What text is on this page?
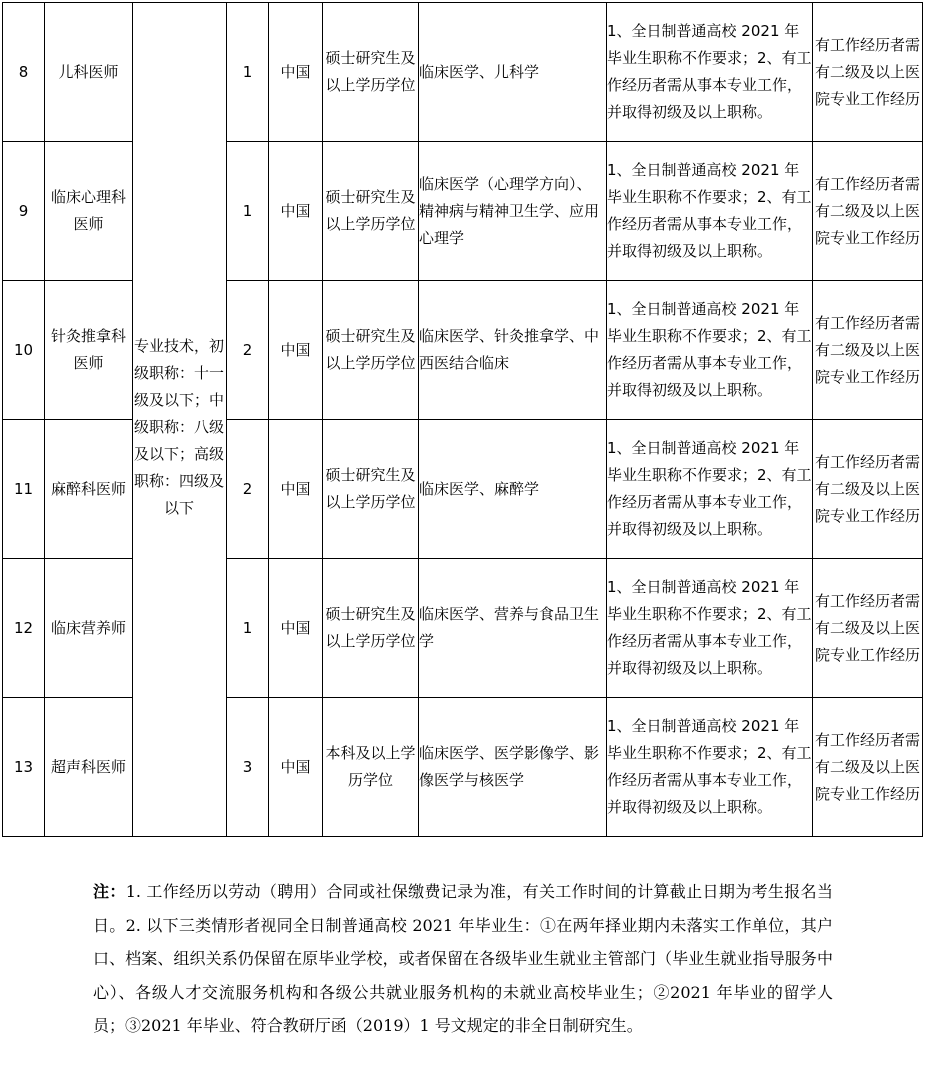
8	儿科医师	专业技术，初级职称：十一级及以下；中级职称：八级及以下；高级职称：四级及以下	1	中国	硕士研究生及以上学历学位	临床医学、儿科学	1、全日制普通高校 2021 年毕业生职称不作要求；2、有工作经历者需从事本专业工作，并取得初级及以上职称。	有工作经历者需有二级及以上医院专业工作经历
9	临床心理科医师		1	中国	硕士研究生及以上学历学位	临床医学（心理学方向）、精神病与精神卫生学、应用心理学	1、全日制普通高校 2021 年毕业生职称不作要求；2、有工作经历者需从事本专业工作，并取得初级及以上职称。	有工作经历者需有二级及以上医院专业工作经历
10	针灸推拿科医师		2	中国	硕士研究生及以上学历学位	临床医学、针灸推拿学、中西医结合临床	1、全日制普通高校 2021 年毕业生职称不作要求；2、有工作经历者需从事本专业工作，并取得初级及以上职称。	有工作经历者需有二级及以上医院专业工作经历
11	麻醉科医师		2	中国	硕士研究生及以上学历学位	临床医学、麻醉学	1、全日制普通高校 2021 年毕业生职称不作要求；2、有工作经历者需从事本专业工作，并取得初级及以上职称。	有工作经历者需有二级及以上医院专业工作经历
12	临床营养师		1	中国	硕士研究生及以上学历学位	临床医学、营养与食品卫生学	1、全日制普通高校 2021 年毕业生职称不作要求；2、有工作经历者需从事本专业工作，并取得初级及以上职称。	有工作经历者需有二级及以上医院专业工作经历
13	超声科医师		3	中国	本科及以上学历学位	临床医学、医学影像学、影像医学与核医学	1、全日制普通高校 2021 年毕业生职称不作要求；2、有工作经历者需从事本专业工作，并取得初级及以上职称。	有工作经历者需有二级及以上医院专业工作经历
注：1. 工作经历以劳动（聘用）合同或社保缴费记录为准，有关工作时间的计算截止日期为考生报名当日。2. 以下三类情形者视同全日制普通高校 2021 年毕业生：①在两年择业期内未落实工作单位，其户口、档案、组织关系仍保留在原毕业学校，或者保留在各级毕业生就业主管部门（毕业生就业指导服务中心）、各级人才交流服务机构和各级公共就业服务机构的未就业高校毕业生；②2021 年毕业的留学人员；③2021 年毕业、符合教研厅函（2019）1 号文规定的非全日制研究生。
